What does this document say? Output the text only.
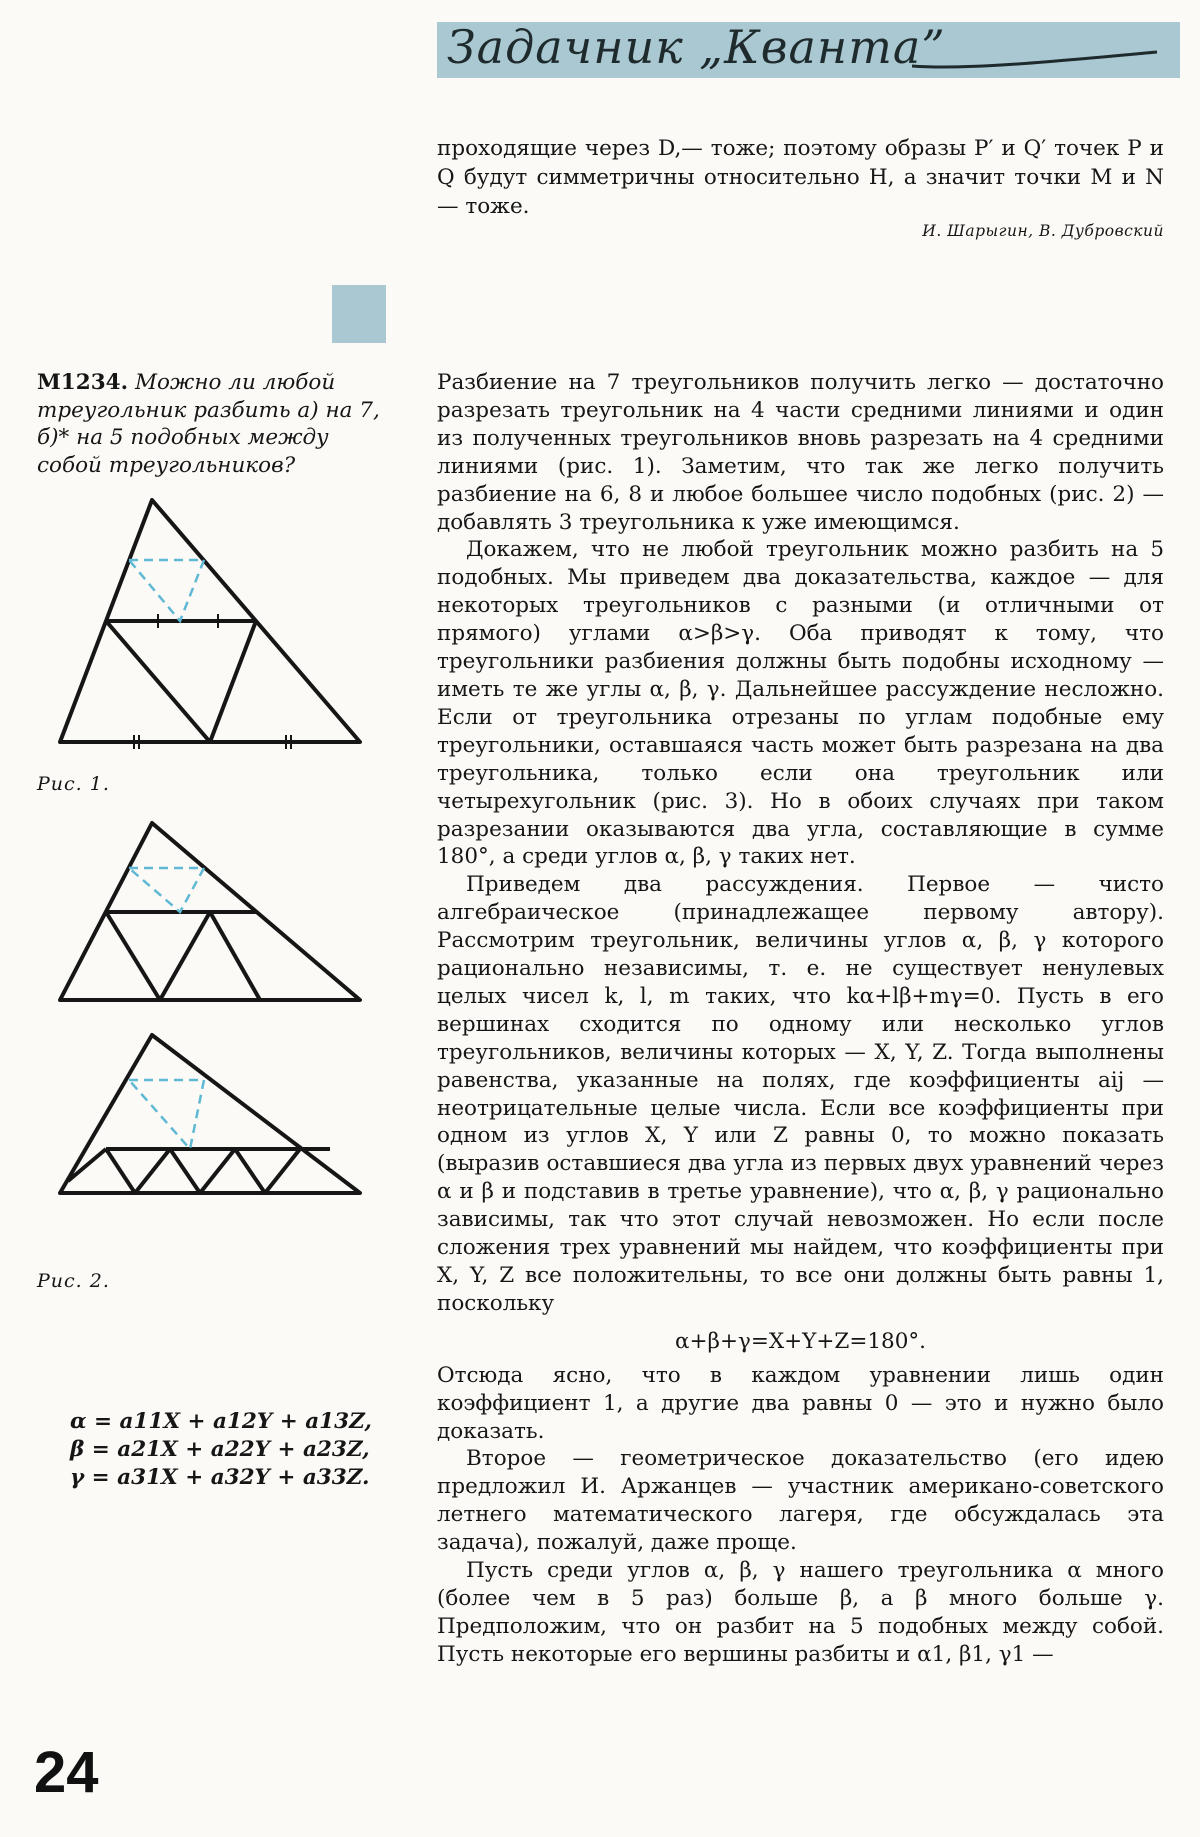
Задачник „Кванта”

проходящие через D,— тоже; поэтому образы P′ и Q′ точек P и Q будут симметричны относительно H, а значит точки M и N — тоже.

И. Шарыгин, В. Дубровский
М1234. Можно ли любой треугольник разбить а) на 7, б)* на 5 подобных между собой треугольников?
Рис. 1.
Рис. 2.
α = a11X + a12Y + a13Z,
β = a21X + a22Y + a23Z,
γ = a31X + a32Y + a33Z.

Разбиение на 7 треугольников получить легко — достаточно разрезать треугольник на 4 части средними линиями и один из полученных треугольников вновь разрезать на 4 средними линиями (рис. 1). Заметим, что так же легко получить разбиение на 6, 8 и любое большее число подобных (рис. 2) — добавлять 3 треугольника к уже имеющимся.

Докажем, что не любой треугольник можно разбить на 5 подобных. Мы приведем два доказательства, каждое — для некоторых треугольников с разными (и отличными от прямого) углами α>β>γ. Оба приводят к тому, что треугольники разбиения должны быть подобны исходному — иметь те же углы α, β, γ. Дальнейшее рассуждение несложно. Если от треугольника отрезаны по углам подобные ему треугольники, оставшаяся часть может быть разрезана на два треугольника, только если она треугольник или четырехугольник (рис. 3). Но в обоих случаях при таком разрезании оказываются два угла, составляющие в сумме 180°, а среди углов α, β, γ таких нет.

Приведем два рассуждения. Первое — чисто алгебраическое (принадлежащее первому автору). Рассмотрим треугольник, величины углов α, β, γ которого рационально независимы, т. е. не существует ненулевых целых чисел k, l, m таких, что kα+lβ+mγ=0. Пусть в его вершинах сходится по одному или несколько углов треугольников, величины которых — X, Y, Z. Тогда выполнены равенства, указанные на полях, где коэффициенты aij — неотрицательные целые числа. Если все коэффициенты при одном из углов X, Y или Z равны 0, то можно показать (выразив оставшиеся два угла из первых двух уравнений через α и β и подставив в третье уравнение), что α, β, γ рационально зависимы, так что этот случай невозможен. Но если после сложения трех уравнений мы найдем, что коэффициенты при X, Y, Z все положительны, то все они должны быть равны 1, поскольку

α+β+γ=X+Y+Z=180°.

Отсюда ясно, что в каждом уравнении лишь один коэффициент 1, а другие два равны 0 — это и нужно было доказать.

Второе — геометрическое доказательство (его идею предложил И. Аржанцев — участник американо-советского летнего математического лагеря, где обсуждалась эта задача), пожалуй, даже проще.

Пусть среди углов α, β, γ нашего треугольника α много (более чем в 5 раз) больше β, а β много больше γ. Предположим, что он разбит на 5 подобных между собой. Пусть некоторые его вершины разбиты и α1, β1, γ1 —

24
